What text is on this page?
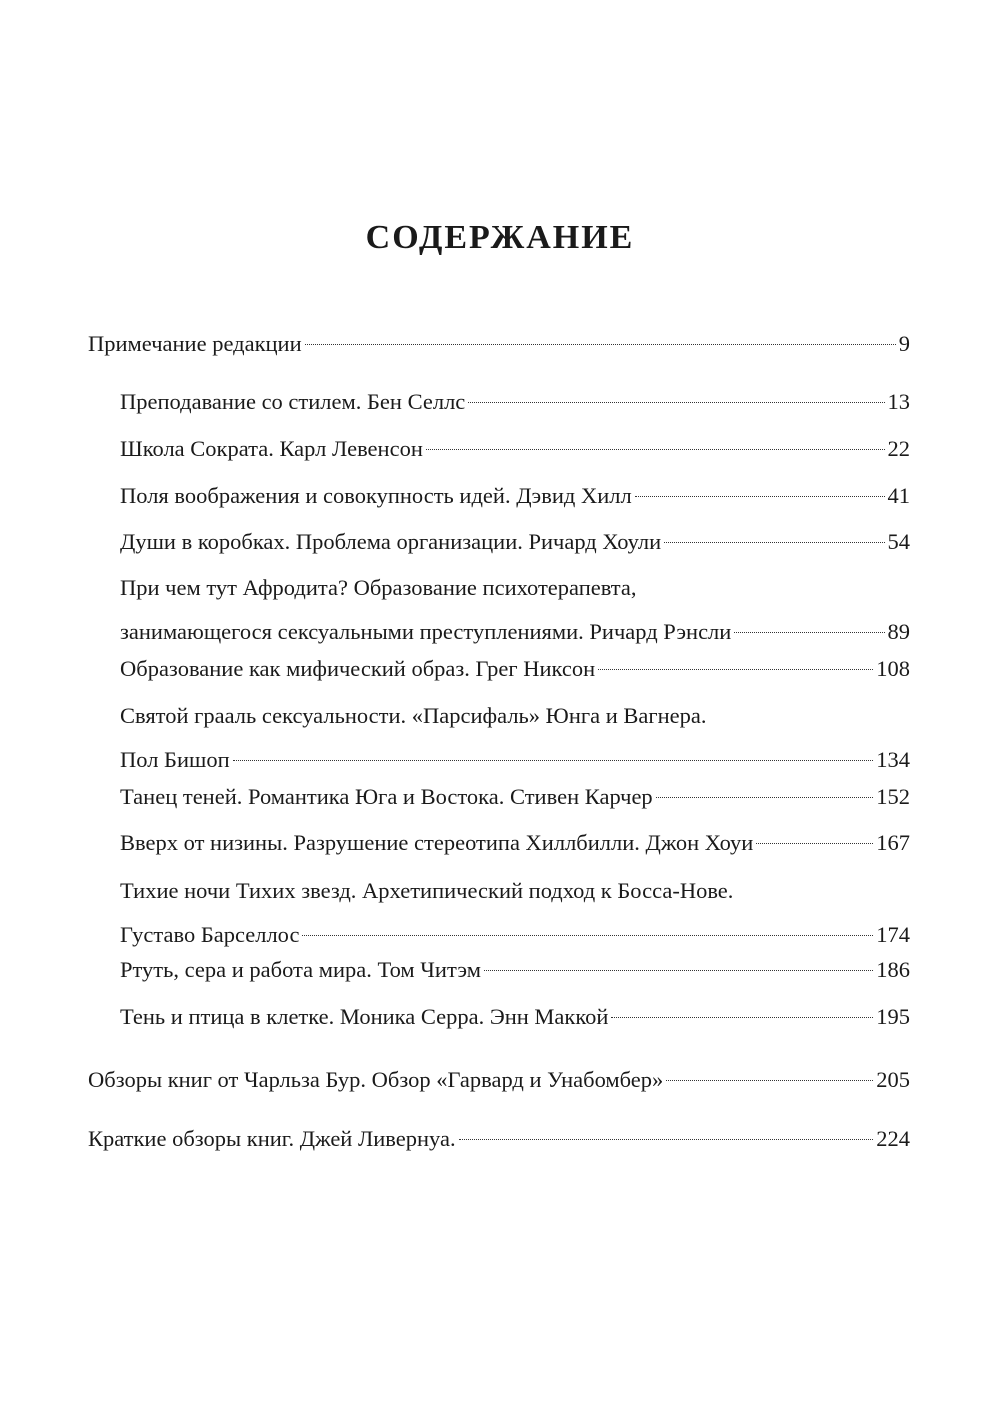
СОДЕРЖАНИЕ
Примечание редакции	9
Преподавание со стилем. Бен Селлс	13
Школа Сократа. Карл Левенсон	22
Поля воображения и совокупность идей. Дэвид Хилл	41
Души в коробках. Проблема организации. Ричард Хоули	54
При чем тут Афродита? Образование психотерапевта,
занимающегося сексуальными преступлениями. Ричард Рэнсли	89
Образование как мифический образ. Грег Никсон	108
Святой грааль сексуальности. «Парсифаль» Юнга и Вагнера.
Пол Бишоп	134
Танец теней. Романтика Юга и Востока. Стивен Карчер	152
Вверх от низины. Разрушение стереотипа Хиллбилли. Джон Хоуи	167
Тихие ночи Тихих звезд. Архетипический подход к Босса-Нове.
Густаво Барселлос	174
Ртуть, сера и работа мира. Том Читэм	186
Тень и птица в клетке. Моника Серра. Энн Маккой	195
Обзоры книг от Чарльза Бур. Обзор «Гарвард и Унабомбер»	205
Краткие обзоры книг. Джей Ливернуа.	224
